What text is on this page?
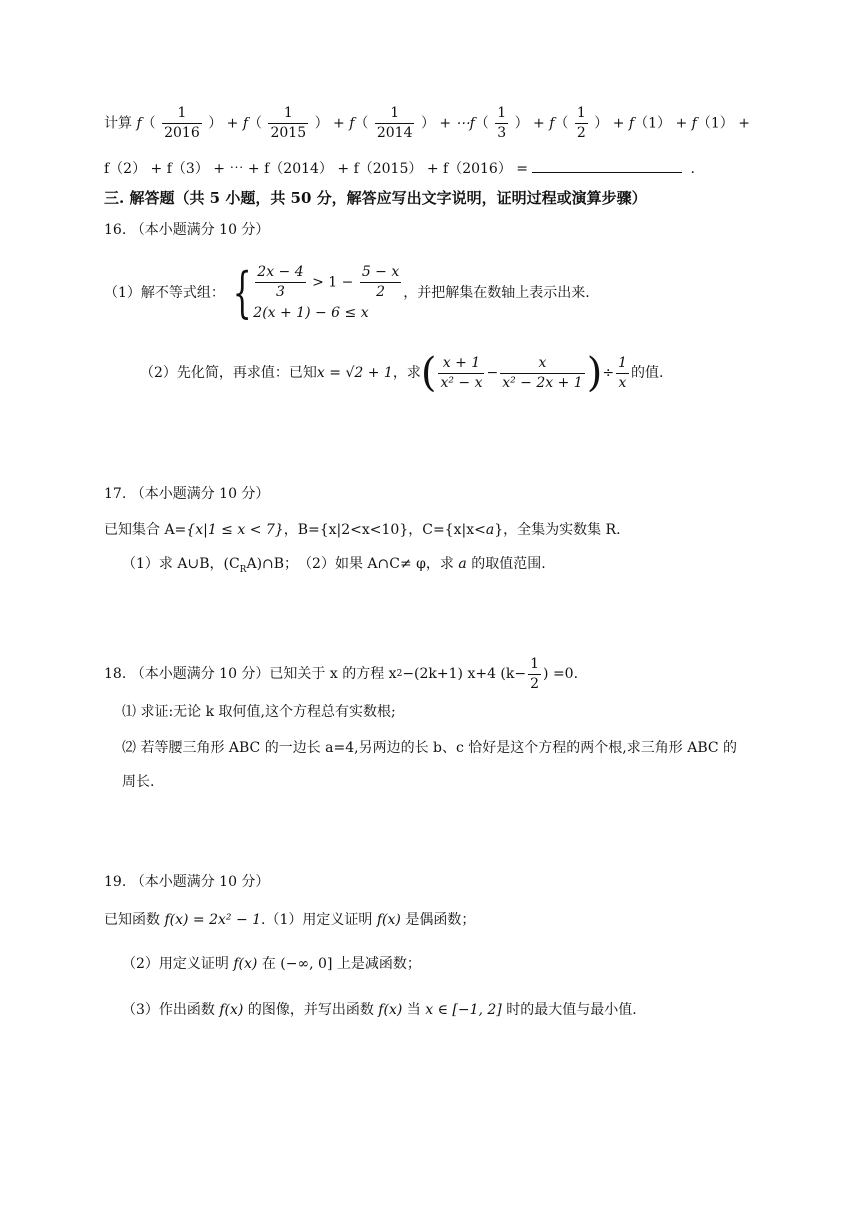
计算 $f( \frac{1}{2016}$ ） + $f( \frac{1}{2015}$ ） + $f( \frac{1}{2014}$ ） + ⋯f（ $\frac{1}{3}$ ） + $f( \frac{1}{2}$ ） + f（1） + f（1） +
f（2） + f（3） + ⋯ + f（2014） + f（2015） + f（2016） =	.
三. 解答题（共 5 小题，共 50 分，解答应写出文字说明，证明过程或演算步骤）
16. （本小题满分 10 分）
（1）解不等式组： { $\frac{2x - 4}{3} > 1 - \frac{5 - x}{2}$
2(x + 1) − 6 ≤ x
，并把解集在数轴上表示出来.
（2）先化简，再求值：已知 x = √2 + 1 ，求 ( $\frac{x + 1}{\text{x² − x}} - \frac{x}{\text{x² − 2x + 1}}$ ) ÷ $\frac{1}{x}$ 的值.
17. （本小题满分 10 分）
已知集合 A={x|1 ≤ x < 7}，B={x|2<x<10}，C={x|x<a}，全集为实数集 R.
（1）求 A∪B，$(C_RA)\cap B$；　（2）如果 A∩C≠ φ，求 a 的取值范围.
18.
（本小题满分 10 分）已知关于 x 的方程 x 2 −(2k+1) x+4 ($k- \frac{1}{2}$ ) =0.
⑴ 求证:无论 k 取何值,这个方程总有实数根;
⑵ 若等腰三角形 ABC 的一边长 a=4,另两边的长 b、c 恰好是这个方程的两个根,求三角形 ABC 的
周长.
19. （本小题满分 10 分）
已知函数 f(x) = 2x² − 1.（1）用定义证明 f(x) 是偶函数；
（2）用定义证明 f(x) 在 (−∞, 0] 上是减函数；
（3）作出函数 f(x) 的图像，并写出函数 f(x) 当 x ∈ [−1, 2] 时的最大值与最小值.
